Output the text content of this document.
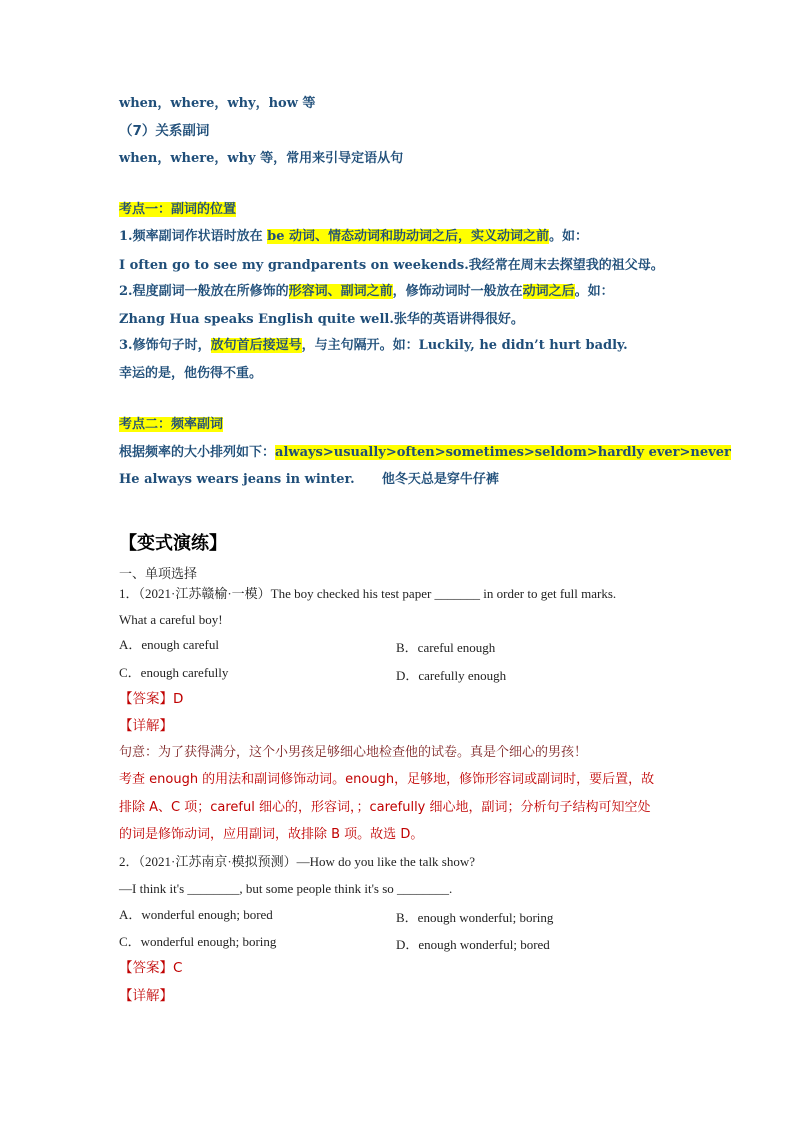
when，where，why，how 等
（7）关系副词
when，where，why 等，常用来引导定语从句
考点一：副词的位置
1.频率副词作状语时放在 be 动词、情态动词和助动词之后，实义动词之前。如：
I often go to see my grandparents on weekends.我经常在周末去探望我的祖父母。
2.程度副词一般放在所修饰的形容词、副词之前，修饰动词时一般放在动词之后。如：
Zhang Hua speaks English quite well.张华的英语讲得很好。
3.修饰句子时，放句首后接逗号，与主句隔开。如：Luckily, he didn’t hurt badly.
幸运的是，他伤得不重。
考点二：频率副词
根据频率的大小排列如下：always>usually>often>sometimes>seldom>hardly ever>never
He always wears jeans in winter.      他冬天总是穿牛仔裤
【变式演练】
一、单项选择
1．（2021·江苏赣榆·一模）The boy checked his test paper _______ in order to get full marks.
What a careful boy!
A．enough careful	B．careful enough
C．enough carefully	D．carefully enough
【答案】D
【详解】
句意：为了获得满分，这个小男孩足够细心地检查他的试卷。真是个细心的男孩！
考查 enough 的用法和副词修饰动词。enough，足够地，修饰形容词或副词时，要后置，故
排除 A、C 项；careful 细心的，形容词，；carefully 细心地，副词；分析句子结构可知空处
的词是修饰动词，应用副词，故排除 B 项。故选 D。
2．（2021·江苏南京·模拟预测）—How do you like the talk show?
—I think it's ________, but some people think it's so ________.
A．wonderful enough; bored	B．enough wonderful; boring
C．wonderful enough; boring	D．enough wonderful; bored
【答案】C
【详解】
